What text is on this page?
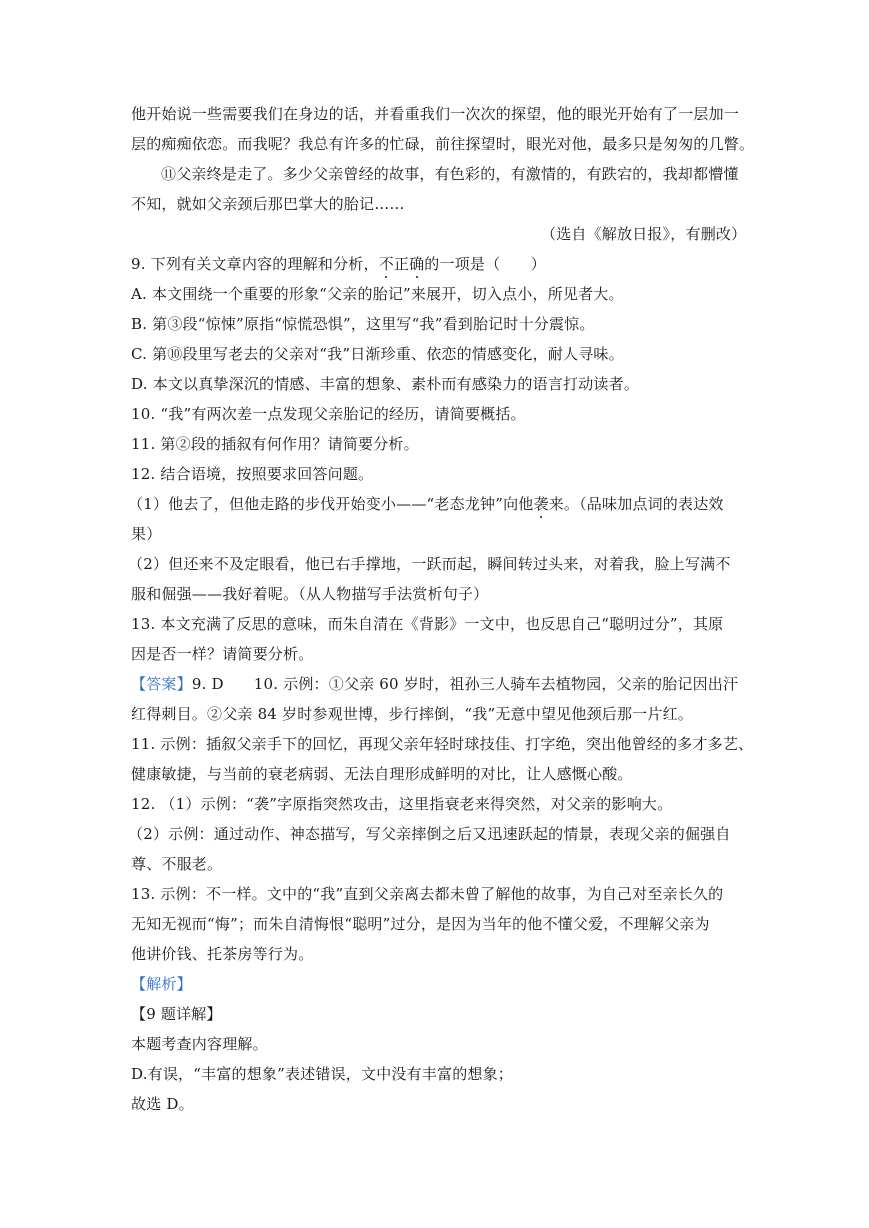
他开始说一些需要我们在身边的话，并看重我们一次次的探望，他的眼光开始有了一层加一
层的痴痴依恋。而我呢？我总有许多的忙碌，前往探望时，眼光对他，最多只是匆匆的几瞥。
⑪父亲终是走了。多少父亲曾经的故事，有色彩的，有激情的，有跌宕的，我却都懵懂
不知，就如父亲颈后那巴掌大的胎记……
（选自《解放日报》，有删改）
9. 下列有关文章内容的理解和分析，不正确的一项是（　　）
A. 本文围绕一个重要的形象“父亲的胎记”来展开，切入点小，所见者大。
B. 第③段“惊悚”原指“惊慌恐惧”，这里写“我”看到胎记时十分震惊。
C. 第⑩段里写老去的父亲对“我”日渐珍重、依恋的情感变化，耐人寻味。
D. 本文以真挚深沉的情感、丰富的想象、素朴而有感染力的语言打动读者。
10. “我”有两次差一点发现父亲胎记的经历，请简要概括。
11. 第②段的插叙有何作用？请简要分析。
12. 结合语境，按照要求回答问题。
（1）他去了，但他走路的步伐开始变小——“老态龙钟”向他袭来。（品味加点词的表达效
果）
（2）但还来不及定眼看，他已右手撑地，一跃而起，瞬间转过头来，对着我，脸上写满不
服和倔强——我好着呢。（从人物描写手法赏析句子）
13. 本文充满了反思的意味，而朱自清在《背影》一文中，也反思自己“聪明过分”，其原
因是否一样？请简要分析。
【答案】9. D 10. 示例：①父亲 60 岁时，祖孙三人骑车去植物园，父亲的胎记因出汗
红得刺目。②父亲 84 岁时参观世博，步行摔倒，“我”无意中望见他颈后那一片红。
11. 示例：插叙父亲手下的回忆，再现父亲年轻时球技佳、打字绝，突出他曾经的多才多艺、
健康敏捷，与当前的衰老病弱、无法自理形成鲜明的对比，让人感慨心酸。
12. （1）示例：“袭”字原指突然攻击，这里指衰老来得突然，对父亲的影响大。
（2）示例：通过动作、神态描写，写父亲摔倒之后又迅速跃起的情景，表现父亲的倔强自
尊、不服老。
13. 示例：不一样。文中的“我”直到父亲离去都未曾了解他的故事，为自己对至亲长久的
无知无视而“悔”；而朱自清悔恨“聪明”过分，是因为当年的他不懂父爱，不理解父亲为
他讲价钱、托茶房等行为。
【解析】
【9 题详解】
本题考查内容理解。
D.有误，“丰富的想象”表述错误，文中没有丰富的想象；
故选 D。
